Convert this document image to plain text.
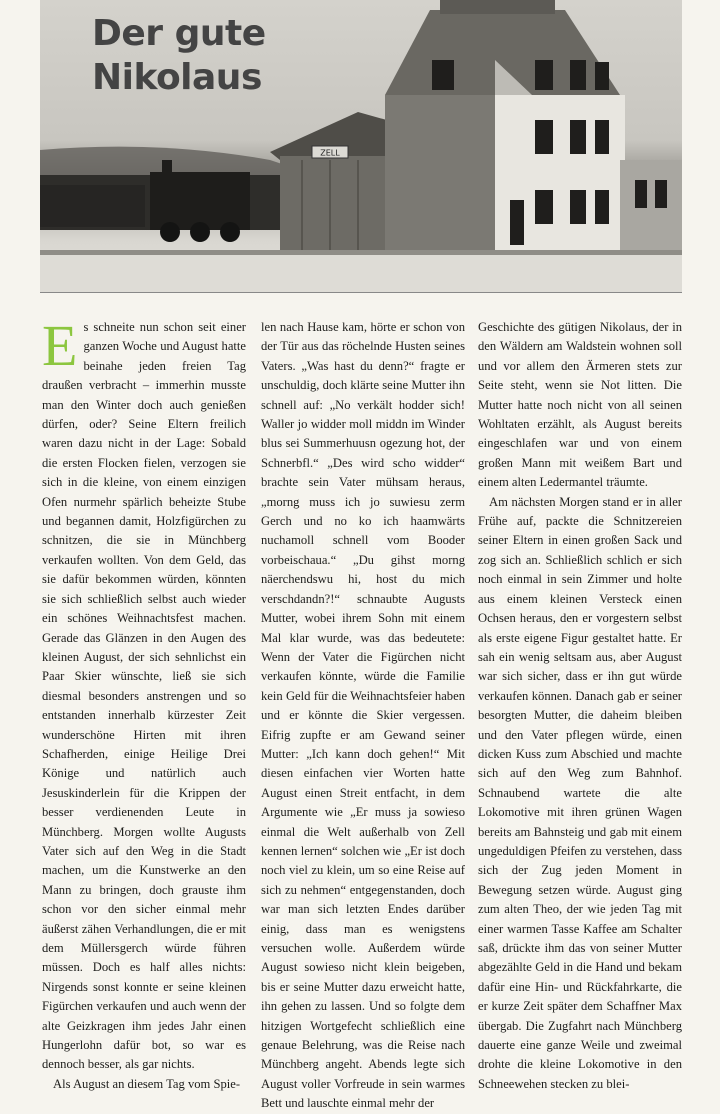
ZELL
Der gute
Nikolaus

Es schneite nun schon seit einer ganzen Woche und August hatte beinahe jeden freien Tag draußen verbracht – immerhin musste man den Winter doch auch genießen dürfen, oder? Seine Eltern freilich waren dazu nicht in der Lage: Sobald die ersten Flocken fielen, verzogen sie sich in die kleine, von einem einzigen Ofen nurmehr spärlich beheizte Stube und begannen damit, Holzfigürchen zu schnitzen, die sie in Münchberg verkaufen wollten. Von dem Geld, das sie dafür bekommen würden, könnten sie sich schließlich selbst auch wieder ein schönes Weihnachtsfest machen. Gerade das Glänzen in den Augen des kleinen August, der sich sehnlichst ein Paar Skier wünschte, ließ sie sich diesmal besonders anstrengen und so entstanden innerhalb kürzester Zeit wunderschöne Hirten mit ihren Schafherden, einige Heilige Drei Könige und natürlich auch Jesuskinderlein für die Krippen der besser verdienenden Leute in Münchberg. Morgen wollte Augusts Vater sich auf den Weg in die Stadt machen, um die Kunstwerke an den Mann zu bringen, doch grauste ihm schon vor den sicher einmal mehr äußerst zähen Verhandlungen, die er mit dem Müllersgerch würde führen müssen. Doch es half alles nichts: Nirgends sonst konnte er seine kleinen Figürchen verkaufen und auch wenn der alte Geizkragen ihm jedes Jahr einen Hungerlohn dafür bot, so war es dennoch besser, als gar nichts.

Als August an diesem Tag vom Spie-

len nach Hause kam, hörte er schon von der Tür aus das röchelnde Husten seines Vaters. „Was hast du denn?“ fragte er unschuldig, doch klärte seine Mutter ihn schnell auf: „No verkält hodder sich! Waller jo widder moll middn im Winder blus sei Summerhuusn ogezung hot, der Schnerbfl.“ „Des wird scho widder“ brachte sein Vater mühsam heraus, „morng muss ich jo suwiesu zerm Gerch und no ko ich haamwärts nuchamoll schnell vom Booder vorbeischaua.“ „Du gihst morng näerchendswu hi, host du mich verschdandn?!“ schnaubte Augusts Mutter, wobei ihrem Sohn mit einem Mal klar wurde, was das bedeutete: Wenn der Vater die Figürchen nicht verkaufen könnte, würde die Familie kein Geld für die Weihnachtsfeier haben und er könnte die Skier vergessen. Eifrig zupfte er am Gewand seiner Mutter: „Ich kann doch gehen!“ Mit diesen einfachen vier Worten hatte August einen Streit entfacht, in dem Argumente wie „Er muss ja sowieso einmal die Welt außerhalb von Zell kennen lernen“ solchen wie „Er ist doch noch viel zu klein, um so eine Reise auf sich zu nehmen“ entgegenstanden, doch war man sich letzten Endes darüber einig, dass man es wenigstens versuchen wolle. Außerdem würde August sowieso nicht klein beigeben, bis er seine Mutter dazu erweicht hatte, ihn gehen zu lassen. Und so folgte dem hitzigen Wortgefecht schließlich eine genaue Belehrung, was die Reise nach Münchberg angeht. Abends legte sich August voller Vorfreude in sein warmes Bett und lauschte einmal mehr der

Geschichte des gütigen Nikolaus, der in den Wäldern am Waldstein wohnen soll und vor allem den Ärmeren stets zur Seite steht, wenn sie Not litten. Die Mutter hatte noch nicht von all seinen Wohltaten erzählt, als August bereits eingeschlafen war und von einem großen Mann mit weißem Bart und einem alten Ledermantel träumte.

Am nächsten Morgen stand er in aller Frühe auf, packte die Schnitzereien seiner Eltern in einen großen Sack und zog sich an. Schließlich schlich er sich noch einmal in sein Zimmer und holte aus einem kleinen Versteck einen Ochsen heraus, den er vorgestern selbst als erste eigene Figur gestaltet hatte. Er sah ein wenig seltsam aus, aber August war sich sicher, dass er ihn gut würde verkaufen können. Danach gab er seiner besorgten Mutter, die daheim bleiben und den Vater pflegen würde, einen dicken Kuss zum Abschied und machte sich auf den Weg zum Bahnhof. Schnaubend wartete die alte Lokomotive mit ihren grünen Wagen bereits am Bahnsteig und gab mit einem ungeduldigen Pfeifen zu verstehen, dass sich der Zug jeden Moment in Bewegung setzen würde. August ging zum alten Theo, der wie jeden Tag mit einer warmen Tasse Kaffee am Schalter saß, drückte ihm das von seiner Mutter abgezählte Geld in die Hand und bekam dafür eine Hin- und Rückfahrkarte, die er kurze Zeit später dem Schaffner Max übergab. Die Zugfahrt nach Münchberg dauerte eine ganze Weile und zweimal drohte die kleine Lokomotive in den Schneewehen stecken zu blei-
